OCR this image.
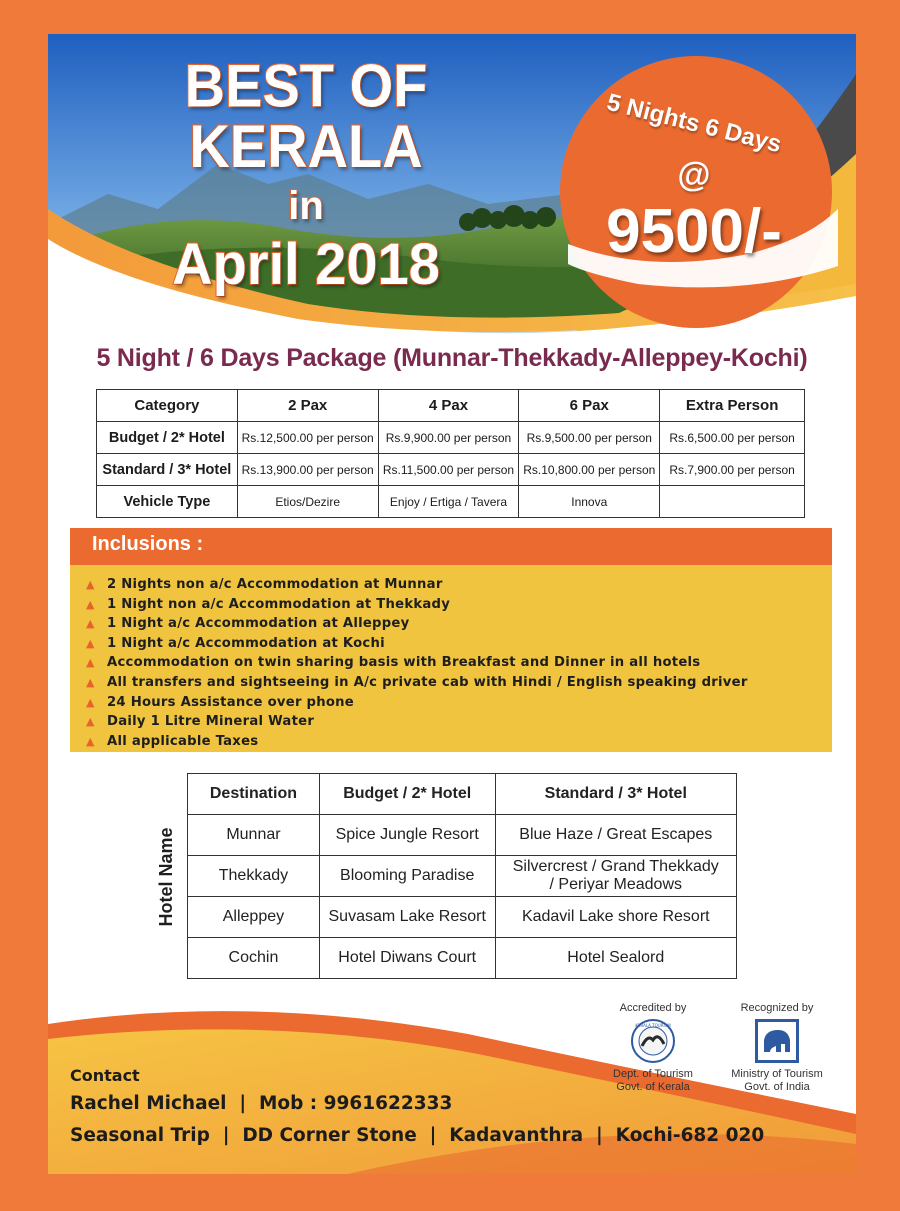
BEST OF KERALA
in
April 2018
5 Nights 6 Days
@
9500/-
5 Night / 6 Days Package (Munnar-Thekkady-Alleppey-Kochi)
Category	2 Pax	4 Pax	6 Pax	Extra Person
Budget / 2* Hotel	Rs.12,500.00 per person	Rs.9,900.00 per person	Rs.9,500.00 per person	Rs.6,500.00 per person
Standard / 3* Hotel	Rs.13,900.00 per person	Rs.11,500.00 per person	Rs.10,800.00 per person	Rs.7,900.00 per person
Vehicle Type	Etios/Dezire	Enjoy / Ertiga / Tavera	Innova	
Inclusions :
▲ 2 Nights non a/c Accommodation at Munnar
▲ 1 Night non a/c Accommodation at Thekkady
▲ 1 Night a/c Accommodation at Alleppey
▲ 1 Night a/c Accommodation at Kochi
▲ Accommodation on twin sharing basis with Breakfast and Dinner in all hotels
▲ All transfers and sightseeing in A/c private cab with Hindi / English speaking driver
▲ 24 Hours Assistance over phone
▲ Daily 1 Litre Mineral Water
▲ All applicable Taxes
Hotel Name
Destination	Budget / 2* Hotel	Standard / 3* Hotel
Munnar	Spice Jungle Resort	Blue Haze / Great Escapes
Thekkady	Blooming Paradise	Silvercrest / Grand Thekkady
/ Periyar Meadows
Alleppey	Suvasam Lake Resort	Kadavil Lake shore Resort
Cochin	Hotel Diwans Court	Hotel Sealord
Accredited by
KERALA TOURISM
Dept. of Tourism
Govt. of Kerala
Recognized by
Ministry of Tourism
Govt. of India
Contact
Rachel Michael  |  Mob : 9961622333
Seasonal Trip  |  DD Corner Stone  |  Kadavanthra  |  Kochi-682 020
